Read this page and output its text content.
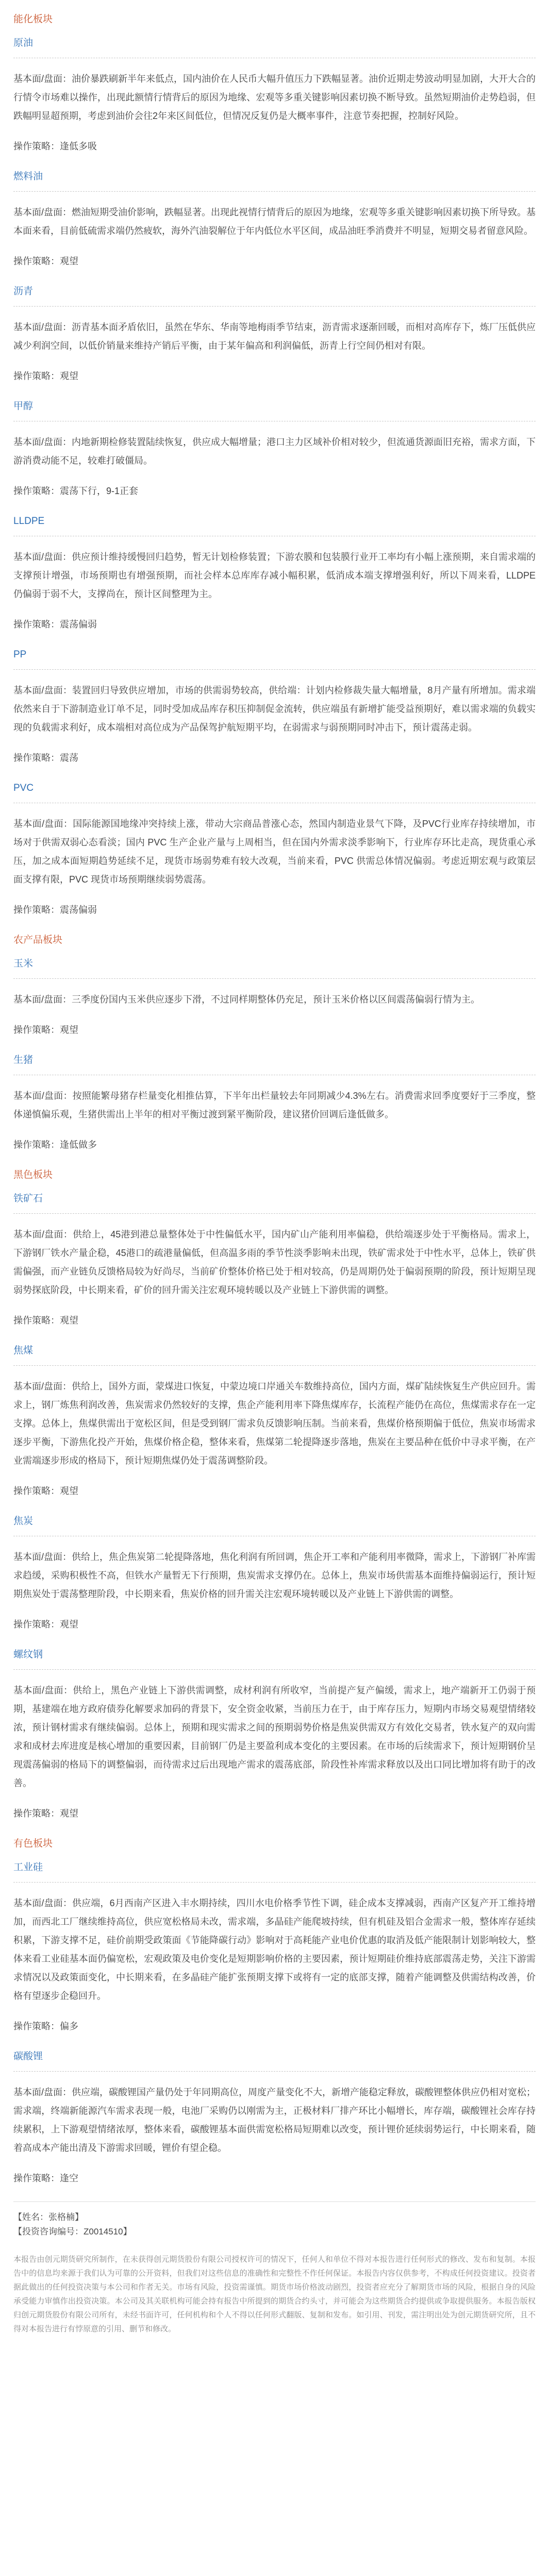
能化板块
原油

基本面/盘面：油价暴跌刷新半年来低点，国内油价在人民币大幅升值压力下跌幅显著。油价近期走势波动明显加剧，大开大合的行情令市场难以操作，出现此额情行情背后的原因为地缘、宏观等多重关键影响因素切换不断导致。虽然短期油价走势趋弱，但跌幅明显超预期，考虑到油价会往2年来区间低位，但情况反复仍是大概率事件，注意节奏把握，控制好风险。

操作策略：逢低多吸

燃料油

基本面/盘面：燃油短期受油价影响，跌幅显著。出现此视情行情背后的原因为地缘，宏观等多重关键影响因素切换下所导致。基本面来看，目前低硫需求端仍然疲软，海外汽油裂解位于年内低位水平区间，成品油旺季消费并不明显，短期交易者留意风险。

操作策略：观望

沥青

基本面/盘面：沥青基本面矛盾依旧，虽然在华东、华南等地梅雨季节结束，沥青需求逐渐回暖，而相对高库存下，炼厂压低供应减少利润空间，以低价销量来维持产销后平衡，由于某年偏高和利润偏低，沥青上行空间仍相对有限。

操作策略：观望

甲醇

基本面/盘面：内地新期检修装置陆续恢复，供应成大幅增量；港口主力区域补价相对较少，但流通货源面旧充裕，需求方面，下游消费动能不足，较难打破僵局。

操作策略：震荡下行，9-1正套

LLDPE

基本面/盘面：供应预计维持缓慢回归趋势，暂无计划检修装置；下游农膜和包装膜行业开工率均有小幅上涨预期，来自需求端的支撑预计增强，市场预期也有增强预期，而社会样本总库库存减小幅积累，低消成本端支撑增强利好，所以下周来看，LLDPE 仍偏弱于弱不大，支撑尚在，预计区间整理为主。

操作策略：震荡偏弱

PP

基本面/盘面：装置回归导致供应增加，市场的供需弱势较高，供给端：计划内检修裁失量大幅增量，8月产量有所增加。需求端依然来自于下游制造业订单不足，同时受加成品库存积压抑制促金流转，供应端虽有新增扩能受益预期好，难以需求端的负载实现的负载需求利好，成本端相对高位成为产品保驾护航短期平均，在弱需求与弱预期同时冲击下，预计震荡走弱。

操作策略：震荡

PVC

基本面/盘面：国际能源国地缘冲突持续上涨，带动大宗商品普涨心态，然国内制造业景气下降，及PVC行业库存持续增加，市场对于供需双弱心态看淡；国内 PVC 生产企业产量与上周相当，但在国内外需求淡季影响下，行业库存环比走高，现货重心承压，加之成本面短期趋势延续不足，现货市场弱势难有较大改观，当前来看，PVC 供需总体情况偏弱。考虑近期宏观与政策层面支撑有限，PVC 现货市场预期继续弱势震荡。

操作策略：震荡偏弱

农产品板块
玉米

基本面/盘面：三季度份国内玉米供应逐步下滑，不过同样期整体仍充足，预计玉米价格以区间震荡偏弱行情为主。

操作策略：观望

生猪

基本面/盘面：按照能繁母猪存栏量变化相推估算，下半年出栏量较去年同期减少4.3%左右。消费需求回季度要好于三季度，整体递慎偏乐观，生猪供需出上半年的相对平衡过渡到紧平衡阶段，建议猪价回调后逢低做多。

操作策略：逢低做多

黑色板块
铁矿石

基本面/盘面：供给上，45港到港总量整体处于中性偏低水平，国内矿山产能利用率偏稳，供给端逐步处于平衡格局。需求上，下游钢厂铁水产量企稳，45港口的疏港量偏低，但高温多雨的季节性淡季影响未出现，铁矿需求处于中性水平，总体上，铁矿供需偏强，而产业链负反馈格局较为好尚尽，当前矿价整体价格已处于相对较高，仍是周期仍处于偏弱预期的阶段，预计短期呈现弱势探底阶段，中长期来看，矿价的回升需关注宏观环境转暖以及产业链上下游供需的调整。

操作策略：观望

焦煤

基本面/盘面：供给上，国外方面，蒙煤进口恢复，中蒙边境口岸通关车数维持高位，国内方面，煤矿陆续恢复生产供应回升。需求上，钢厂炼焦利润改善，焦炭需求仍然较好的支撑，焦企产能利用率下降焦煤库存，长流程产能仍在高位，焦煤需求存在一定支撑。总体上，焦煤供需出于宽松区间，但是受到钢厂需求负反馈影响压制。当前来看，焦煤价格预期偏于低位，焦炭市场需求逐步平衡，下游焦化投产开始，焦煤价格企稳，整体来看，焦煤第二轮提降逐步落地，焦炭在主要品种在低价中寻求平衡，在产业需端逐步形成的格局下，预计短期焦煤仍处于震荡调整阶段。

操作策略：观望

焦炭

基本面/盘面：供给上，焦企焦炭第二轮提降落地，焦化利润有所回调，焦企开工率和产能利用率微降，需求上，下游钢厂补库需求趋缓，采购积极性不高，但铁水产量暂无下行预期，焦炭需求支撑仍在。总体上，焦炭市场供需基本面维持偏弱运行，预计短期焦炭处于震荡整理阶段，中长期来看，焦炭价格的回升需关注宏观环境转暖以及产业链上下游供需的调整。

操作策略：观望

螺纹钢

基本面/盘面：供给上，黑色产业链上下游供需调整，成材利润有所收窄，当前提产复产偏缓，需求上，地产端新开工仍弱于预期，基建端在地方政府债券化解要求加码的背景下，安全资金收紧，当前压力在于，由于库存压力，短期内市场交易观望情绪较浓，预计钢材需求有继续偏弱。总体上，预期和现实需求之间的预期弱势价格是焦炭供需双方有效化交易者，铁水复产的双向需求和成材去库进度是核心增加的重要因素，目前钢厂仍是主要盈利成本变化的主要因素。在市场的后续需求下，预计短期钢价呈现震荡偏弱的格局下的调整偏弱，而待需求过后出现地产需求的震荡底部，阶段性补库需求释放以及出口同比增加将有助于的改善。

操作策略：观望

有色板块
工业硅

基本面/盘面：供应端，6月西南产区进入丰水期持续，四川水电价格季节性下调，硅企成本支撑减弱，西南产区复产开工维持增加，而西北工厂继续维持高位，供应宽松格局未改，需求端，多晶硅产能爬坡持续，但有机硅及铝合金需求一般，整体库存延续积累，下游支撑不足，硅价前期受政策面《节能降碳行动》影响对于高耗能产业电价优惠的取消及低产能限制计划影响较大，整体来看工业硅基本面仍偏宽松，宏观政策及电价变化是短期影响价格的主要因素，预计短期硅价维持底部震荡走势，关注下游需求情况以及政策面变化，中长期来看，在多晶硅产能扩张预期支撑下或将有一定的底部支撑，随着产能调整及供需结构改善，价格有望逐步企稳回升。

操作策略：偏多

碳酸锂

基本面/盘面：供应端，碳酸锂国产量仍处于年同期高位，周度产量变化不大，新增产能稳定释放，碳酸锂整体供应仍相对宽松；需求端，终端新能源汽车需求表现一般，电池厂采购仍以刚需为主，正极材料厂排产环比小幅增长，库存端，碳酸锂社会库存持续累积，上下游观望情绪浓厚，整体来看，碳酸锂基本面供需宽松格局短期难以改变，预计锂价延续弱势运行，中长期来看，随着高成本产能出清及下游需求回暖，锂价有望企稳。

操作策略：逢空

【姓名：张格楠】
【投资咨询编号：Z0014510】
本报告由创元期货研究所制作，在未获得创元期货股份有限公司授权许可的情况下，任何人和单位不得对本报告进行任何形式的修改、发布和复制。本报告中的信息均来源于我们认为可靠的公开资料，但我们对这些信息的准确性和完整性不作任何保证。本报告内容仅供参考，不构成任何投资建议。投资者据此做出的任何投资决策与本公司和作者无关。市场有风险，投资需谨慎。期货市场价格波动剧烈，投资者应充分了解期货市场的风险，根据自身的风险承受能力审慎作出投资决策。本公司及其关联机构可能会持有报告中所提到的期货合约头寸，并可能会为这些期货合约提供或争取提供服务。本报告版权归创元期货股份有限公司所有，未经书面许可，任何机构和个人不得以任何形式翻版、复制和发布。如引用、刊发，需注明出处为创元期货研究所，且不得对本报告进行有悖原意的引用、删节和修改。
